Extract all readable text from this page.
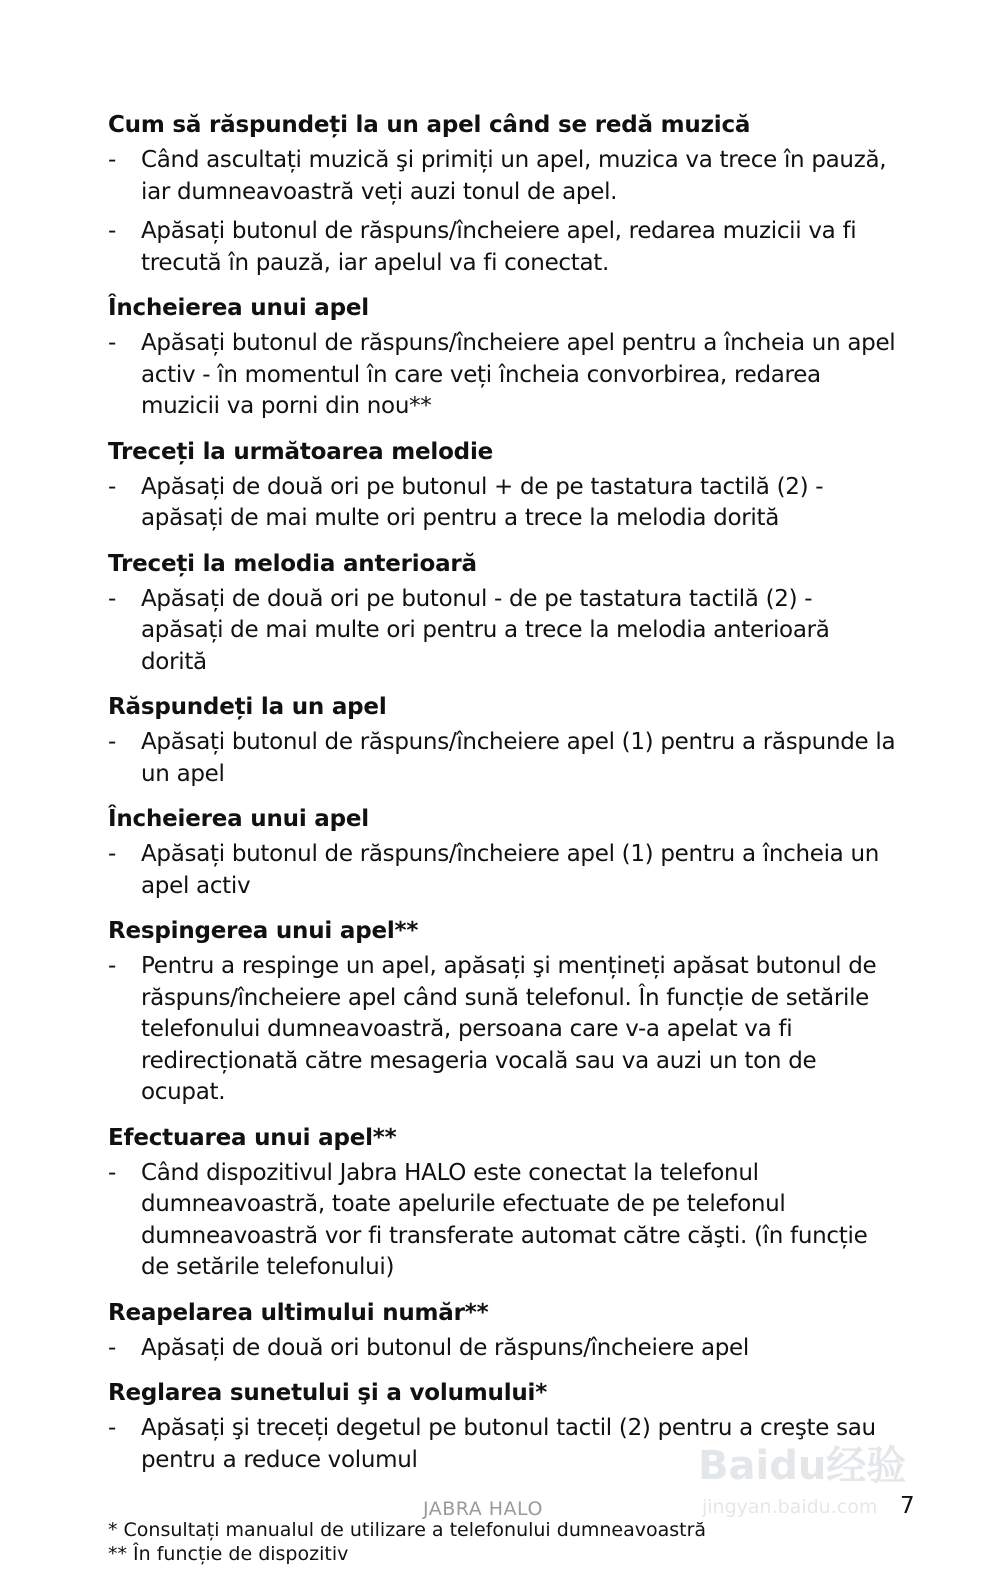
Cum să răspundeți la un apel când se redă muzică
- Când ascultați muzică şi primiți un apel, muzica va trece în pauză, iar dumneavoastră veți auzi tonul de apel.
- Apăsați butonul de răspuns/încheiere apel, redarea muzicii va fi trecută în pauză, iar apelul va fi conectat.
Încheierea unui apel
- Apăsați butonul de răspuns/încheiere apel pentru a încheia un apel activ - în momentul în care veți încheia convorbirea, redarea muzicii va porni din nou**
Treceți la următoarea melodie
- Apăsați de două ori pe butonul + de pe tastatura tactilă (2) - apăsați de mai multe ori pentru a trece la melodia dorită
Treceți la melodia anterioară
- Apăsați de două ori pe butonul - de pe tastatura tactilă (2) - apăsați de mai multe ori pentru a trece la melodia anterioară dorită
Răspundeți la un apel
- Apăsați butonul de răspuns/încheiere apel (1) pentru a răspunde la un apel
Încheierea unui apel
- Apăsați butonul de răspuns/încheiere apel (1) pentru a încheia un apel activ
Respingerea unui apel**
- Pentru a respinge un apel, apăsați şi mențineți apăsat butonul de răspuns/încheiere apel când sună telefonul. În funcție de setările telefonului dumneavoastră, persoana care v-a apelat va fi redirecționată către mesageria vocală sau va auzi un ton de ocupat.
Efectuarea unui apel**
- Când dispozitivul Jabra HALO este conectat la telefonul dumneavoastră, toate apelurile efectuate de pe telefonul dumneavoastră vor fi transferate automat către căşti. (în funcție de setările telefonului)
Reapelarea ultimului număr**
- Apăsați de două ori butonul de răspuns/încheiere apel
Reglarea sunetului şi a volumului*
- Apăsați şi treceți degetul pe butonul tactil (2) pentru a creşte sau pentru a reduce volumul	Baidu经验
jingyan.baidu.com
JABRA HALO	7
* Consultați manualul de utilizare a telefonului dumneavoastră
** În funcție de dispozitiv
